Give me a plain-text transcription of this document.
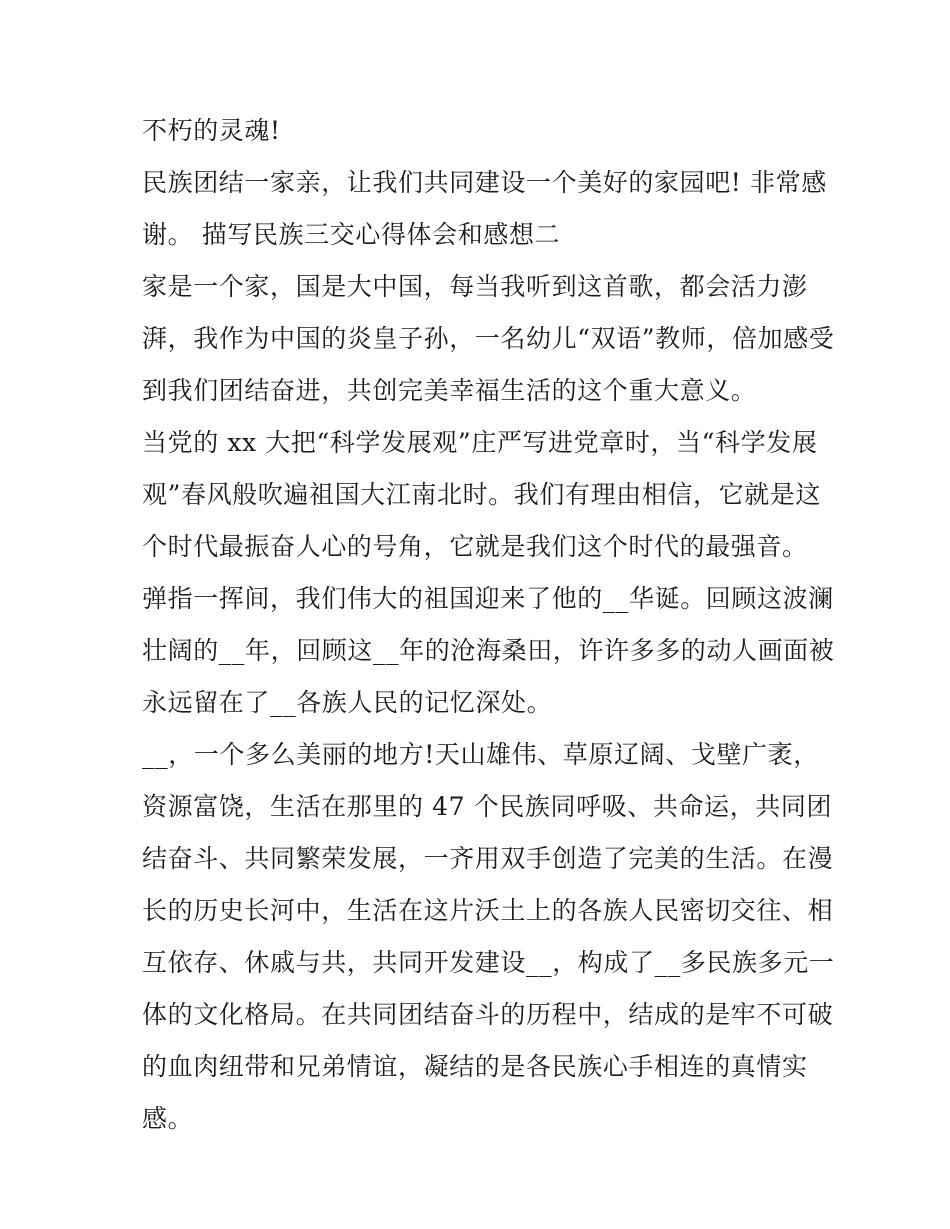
不朽的灵魂!
民族团结一家亲，让我们共同建设一个美好的家园吧! 非常感
谢。 描写民族三交心得体会和感想二
家是一个家，国是大中国，每当我听到这首歌，都会活力澎
湃，我作为中国的炎皇子孙，一名幼儿“双语”教师，倍加感受
到我们团结奋进，共创完美幸福生活的这个重大意义。
当党的 xx 大把“科学发展观”庄严写进党章时，当“科学发展
观”春风般吹遍祖国大江南北时。我们有理由相信，它就是这
个时代最振奋人心的号角，它就是我们这个时代的最强音。
弹指一挥间，我们伟大的祖国迎来了他的__华诞。回顾这波澜
壮阔的__年，回顾这__年的沧海桑田，许许多多的动人画面被
永远留在了__各族人民的记忆深处。
__，一个多么美丽的地方!天山雄伟、草原辽阔、戈壁广袤，
资源富饶，生活在那里的 47 个民族同呼吸、共命运，共同团
结奋斗、共同繁荣发展，一齐用双手创造了完美的生活。在漫
长的历史长河中，生活在这片沃土上的各族人民密切交往、相
互依存、休戚与共，共同开发建设__，构成了__多民族多元一
体的文化格局。在共同团结奋斗的历程中，结成的是牢不可破
的血肉纽带和兄弟情谊，凝结的是各民族心手相连的真情实
感。
